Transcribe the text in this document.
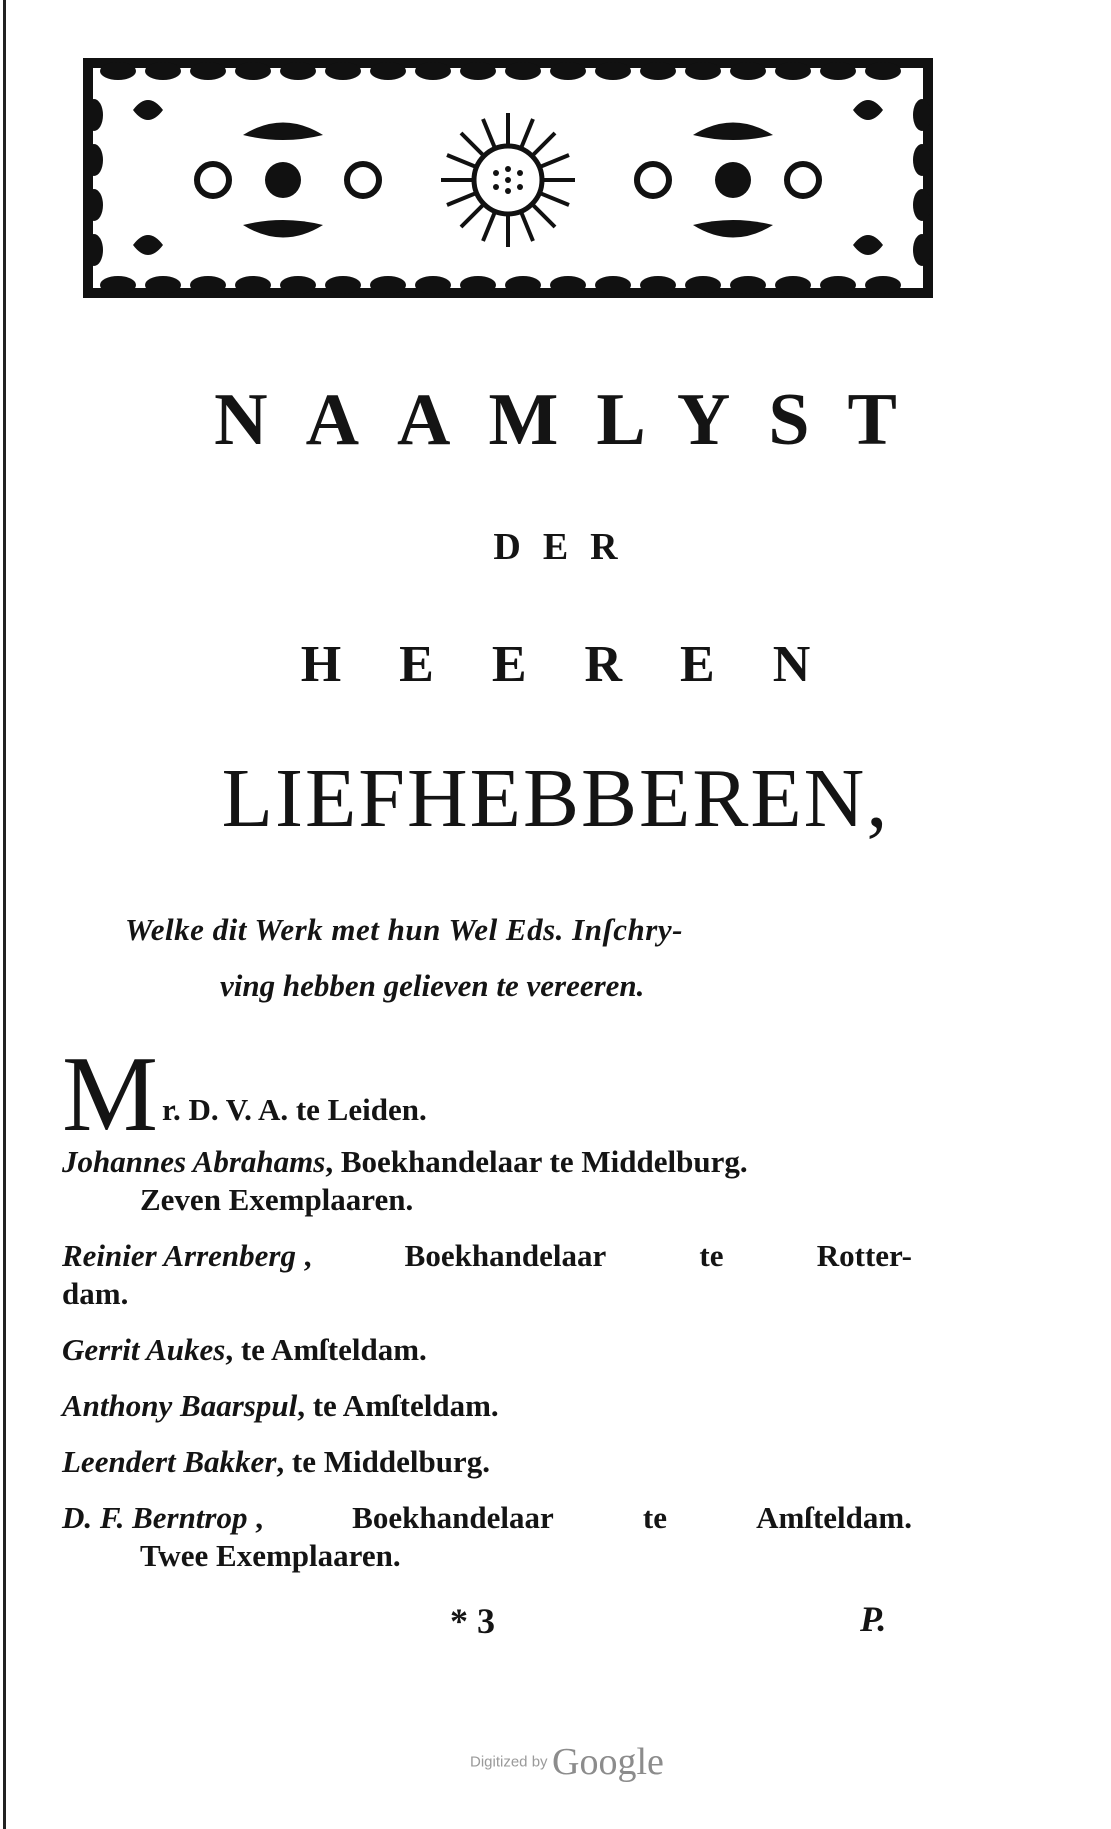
NAAMLYST
DER
HEEREN
LIEFHEBBEREN,
Welke dit Werk met hun Wel Eds. Inſchry-
ving hebben gelieven te vereeren.
M r. D. V. A. te Leiden.
Johannes Abrahams, Boekhandelaar te Middelburg.
Zeven Exemplaaren.
Reinier Arrenberg ,	Boekhandelaar	te	Rotter-
dam.
Gerrit Aukes, te Amſteldam.
Anthony Baarspul, te Amſteldam.
Leendert Bakker, te Middelburg.
D. F. Berntrop ,	Boekhandelaar	te	Amſteldam.
Twee Exemplaaren.
* 3	P.
Digitized by Google
